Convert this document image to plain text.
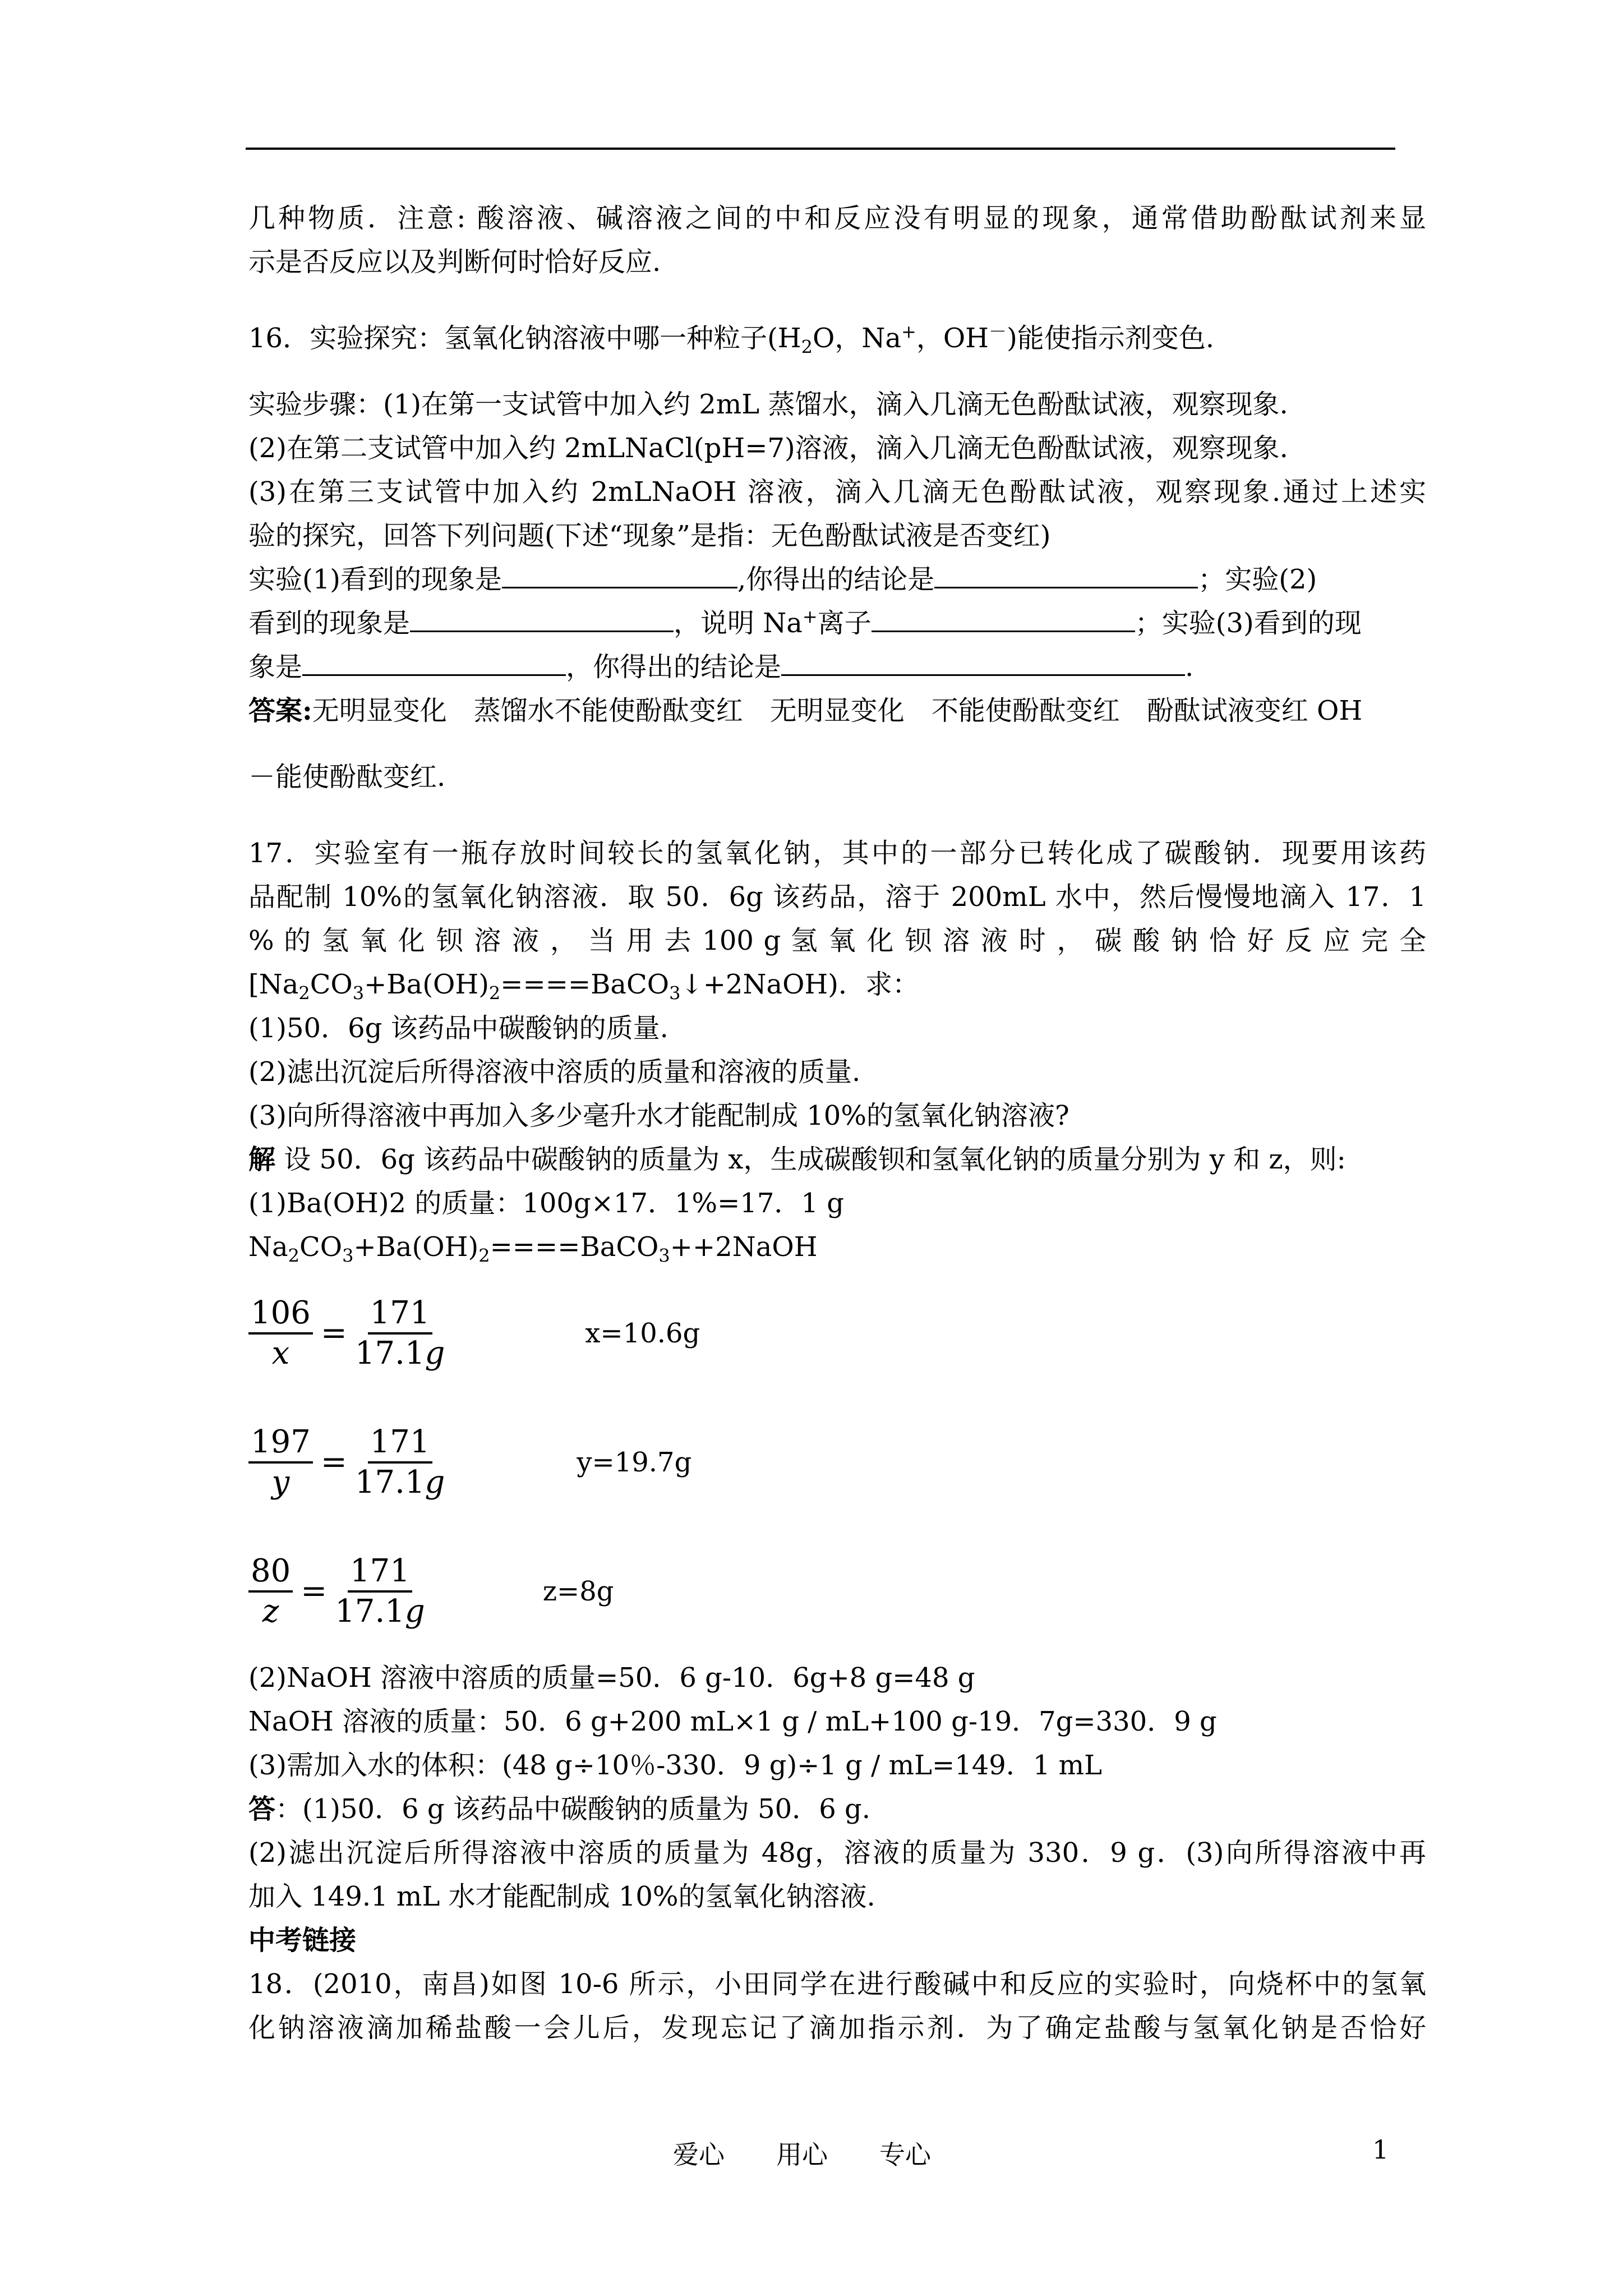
几种物质．注意: 酸溶液、碱溶液之间的中和反应没有明显的现象，通常借助酚酞试剂来显
示是否反应以及判断何时恰好反应.
16．实验探究：氢氧化钠溶液中哪一种粒子($H_2O$，Na+，OH－)能使指示剂变色.
实验步骤：(1)在第一支试管中加入约 2mL 蒸馏水，滴入几滴无色酚酞试液，观察现象.
(2)在第二支试管中加入约 2mLNaCl(pH=7)溶液，滴入几滴无色酚酞试液，观察现象.
(3)在第三支试管中加入约 2mLNaOH 溶液，滴入几滴无色酚酞试液，观察现象.通过上述实
验的探究，回答下列问题(下述“现象”是指：无色酚酞试液是否变红)
实验(1)看到的现象是	,你得出的结论是	；实验(2)
看到的现象是	，说明 Na+离子	；实验(3)看到的现
象是	，你得出的结论是	.
答案:无明显变化　蒸馏水不能使酚酞变红　无明显变化　不能使酚酞变红　酚酞试液变红 OH
－能使酚酞变红.
17．实验室有一瓶存放时间较长的氢氧化钠，其中的一部分已转化成了碳酸钠．现要用该药
品配制 10%的氢氧化钠溶液．取 50．6g 该药品，溶于 200mL 水中，然后慢慢地滴入 17．1
% 的 氢 氧 化 钡 溶 液 ， 当 用 去 100 g 氢 氧 化 钡 溶 液 时 ， 碳 酸 钠 恰 好 反 应 完 全
$[Na_2CO_3+Ba(OH)_2====BaCO_3↓+2NaOH)$．求：
(1)50．6g 该药品中碳酸钠的质量.
(2)滤出沉淀后所得溶液中溶质的质量和溶液的质量.
(3)向所得溶液中再加入多少毫升水才能配制成 10%的氢氧化钠溶液?
解 设 50．6g 该药品中碳酸钠的质量为 x，生成碳酸钡和氢氧化钠的质量分别为 y 和 z，则:
(1)Ba(OH)2 的质量：100g×17．1%=17．1 g
$Na_2CO_3+Ba(OH)_2====BaCO_3++2NaOH$
$\frac{106}{x} = \frac{171}{17.1g}$	x=10.6g
$\frac{197}{y} = \frac{171}{17.1g}$	y=19.7g
$\frac{80}{z} = \frac{171}{17.1g}$	z=8g
(2)NaOH 溶液中溶质的质量=50．6 g-10．6g+8 g=48 g
NaOH 溶液的质量：50．6 g+200 mL×1 g / mL+100 g-19．7g=330．9 g
(3)需加入水的体积：(48 g÷10％-330．9 g)÷1 g / mL=149．1 mL
答：(1)50．6 g 该药品中碳酸钠的质量为 50．6 g.
(2)滤出沉淀后所得溶液中溶质的质量为 48g，溶液的质量为 330．9 g．(3)向所得溶液中再
加入 149.1 mL 水才能配制成 10%的氢氧化钠溶液.
中考链接
18．(2010，南昌)如图 10-6 所示，小田同学在进行酸碱中和反应的实验时，向烧杯中的氢氧
化钠溶液滴加稀盐酸一会儿后，发现忘记了滴加指示剂．为了确定盐酸与氢氧化钠是否恰好
爱心　　用心　　专心	1
